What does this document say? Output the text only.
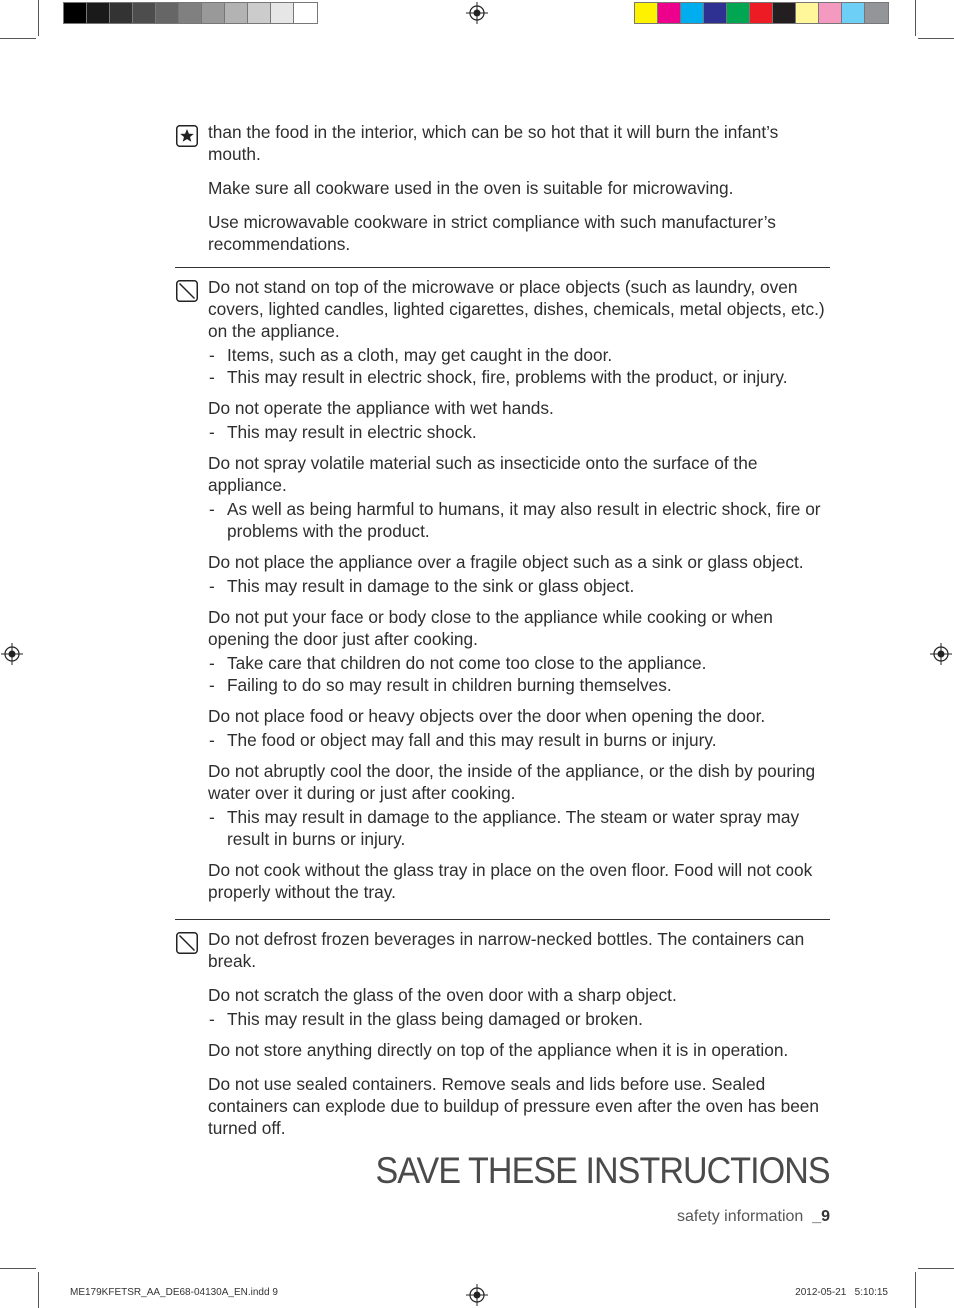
than the food in the interior, which can be so hot that it will burn the infant’s mouth.

Make sure all cookware used in the oven is suitable for microwaving.

Use microwavable cookware in strict compliance with such manufacturer’s recommendations.

Do not stand on top of the microwave or place objects (such as laundry, oven covers, lighted candles, lighted cigarettes, dishes, chemicals, metal objects, etc.) on the appliance.

- Items, such as a cloth, may get caught in the door.

- This may result in electric shock, fire, problems with the product, or injury.

Do not operate the appliance with wet hands.

- This may result in electric shock.

Do not spray volatile material such as insecticide onto the surface of the appliance.

- As well as being harmful to humans, it may also result in electric shock, fire or problems with the product.

Do not place the appliance over a fragile object such as a sink or glass object.

- This may result in damage to the sink or glass object.

Do not put your face or body close to the appliance while cooking or when opening the door just after cooking.

- Take care that children do not come too close to the appliance.

- Failing to do so may result in children burning themselves.

Do not place food or heavy objects over the door when opening the door.

- The food or object may fall and this may result in burns or injury.

Do not abruptly cool the door, the inside of the appliance, or the dish by pouring water over it during or just after cooking.

- This may result in damage to the appliance. The steam or water spray may result in burns or injury.

Do not cook without the glass tray in place on the oven floor. Food will not cook properly without the tray.

Do not defrost frozen beverages in narrow-necked bottles. The containers can break.

Do not scratch the glass of the oven door with a sharp object.

- This may result in the glass being damaged or broken.

Do not store anything directly on top of the appliance when it is in operation.

Do not use sealed containers. Remove seals and lids before use. Sealed containers can explode due to buildup of pressure even after the oven has been turned off.

SAVE THESE INSTRUCTIONS
safety information _9
ME179KFETSR_AA_DE68-04130A_EN.indd 9	2012-05-21   5:10:15
